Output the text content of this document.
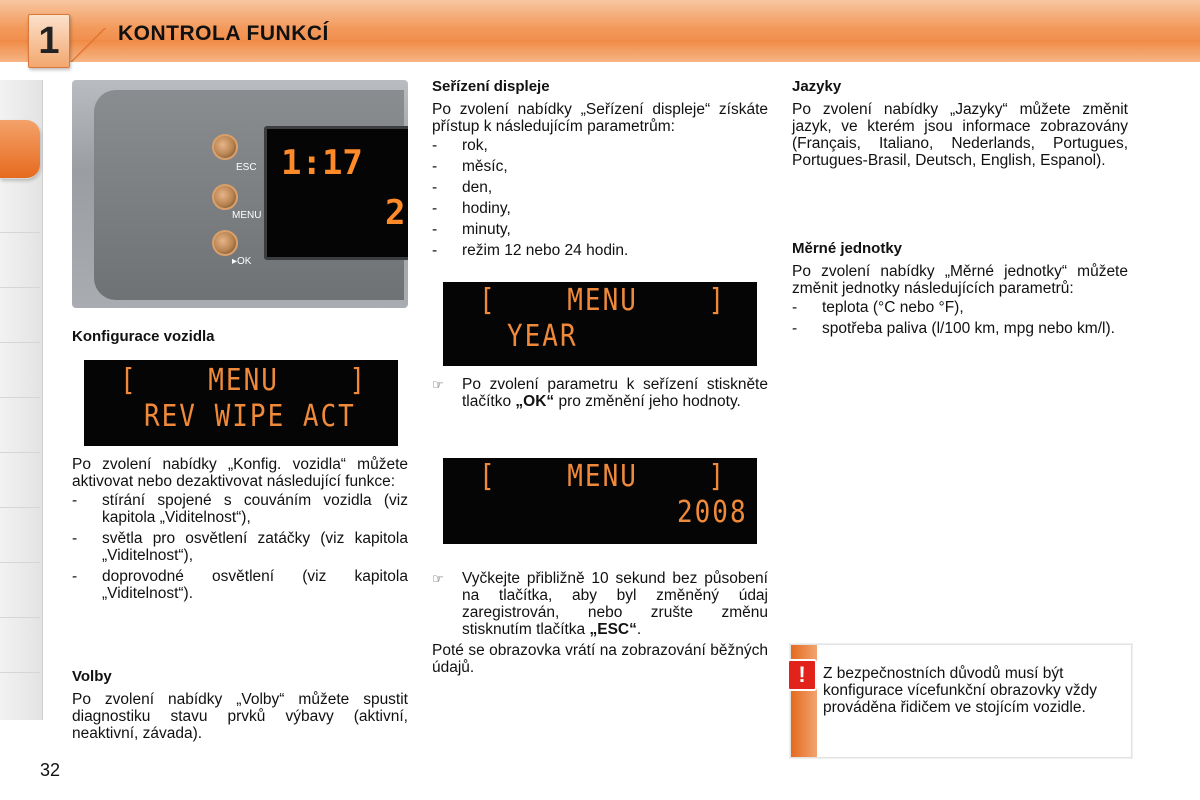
1	KONTROLA FUNKCÍ
ESC
MENU
▸OK
1:17
2

Konfigurace vozidla

[    MENU    ]
REV WIPE ACT

Po zvolení nabídky „Konfig. vozidla“ můžete aktivovat nebo dezaktivovat následující funkce:

- stírání spojené s couváním vozidla (viz kapitola „Viditelnost“),
- světla pro osvětlení zatáčky (viz kapitola „Viditelnost“),
- doprovodné osvětlení (viz kapitola „Viditelnost“).

Volby

Po zvolení nabídky „Volby“ můžete spustit diagnostiku stavu prvků výbavy (aktivní, neaktivní, závada).

Seřízení displeje

Po zvolení nabídky „Seřízení displeje“ získáte přístup k následujícím parametrům:

- rok,
- měsíc,
- den,
- hodiny,
- minuty,
- režim 12 nebo 24 hodin.
[    MENU    ]
YEAR

☞ Po zvolení parametru k seřízení stiskněte tlačítko „OK“ pro změnění jeho hodnoty.

[    MENU    ]
2008

☞ Vyčkejte přibližně 10 sekund bez působení na tlačítka, aby byl změněný údaj zaregistrován, nebo zrušte změnu stisknutím tlačítka „ESC“.

Poté se obrazovka vrátí na zobrazování běžných údajů.

Jazyky

Po zvolení nabídky „Jazyky“ můžete změnit jazyk, ve kterém jsou informace zobrazovány (Français, Italiano, Nederlands, Portugues, Portugues-Brasil, Deutsch, English, Espanol).

Měrné jednotky

Po zvolení nabídky „Měrné jednotky“ můžete změnit jednotky následujících parametrů:

- teplota (°C nebo °F),
- spotřeba paliva (l/100 km, mpg nebo km/l).
!	Z bezpečnostních důvodů musí být konfigurace vícefunkční obrazovky vždy prováděna řidičem ve stojícím vozidle.
32
